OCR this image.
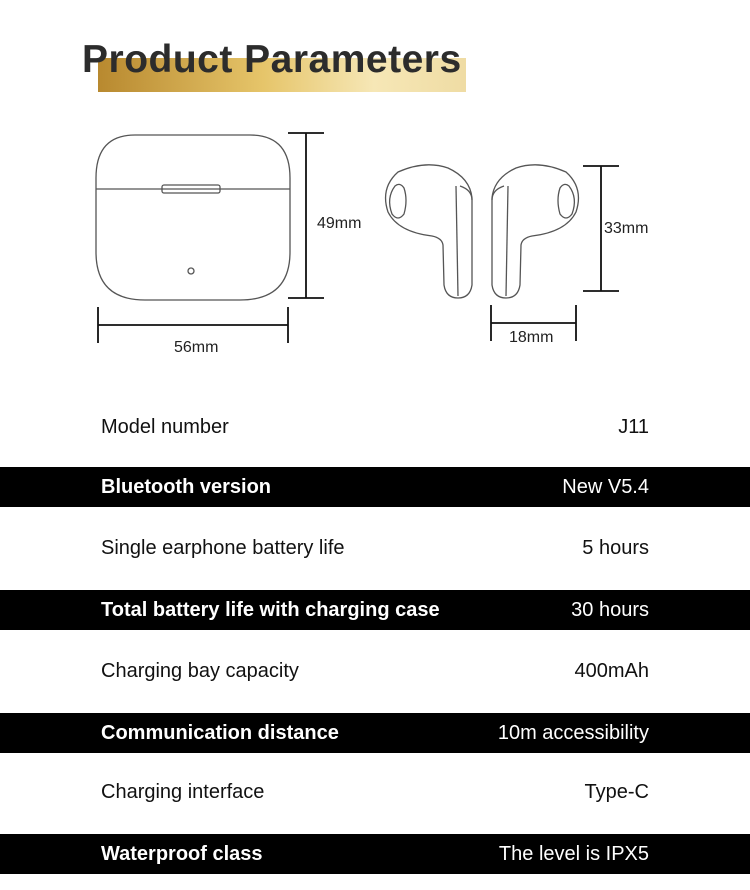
Product Parameters
49mm
56mm
33mm
18mm
Model number	J11
Bluetooth version	New V5.4
Single earphone battery life	5 hours
Total battery life with charging case	30 hours
Charging bay capacity	400mAh
Communication distance	10m accessibility
Charging interface	Type-C
Waterproof class	The level is IPX5
